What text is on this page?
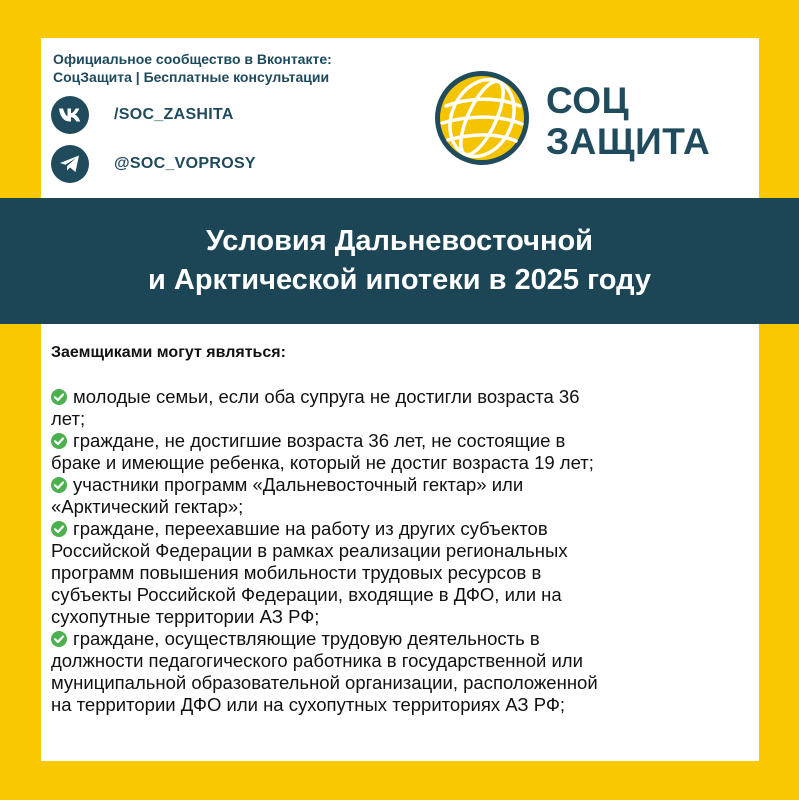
Официальное сообщество в Вконтакте:
СоцЗащита | Бесплатные консультации
/SOC_ZASHITA
@SOC_VOPROSY
СОЦ
ЗАЩИТА
Условия Дальневосточной
и Арктической ипотеки в 2025 году
Заемщиками могут являться:
молодые семьи, если оба супруга не достигли возраста 36
лет;
граждане, не достигшие возраста 36 лет, не состоящие в
браке и имеющие ребенка, который не достиг возраста 19 лет;
участники программ «Дальневосточный гектар» или
«Арктический гектар»;
граждане, переехавшие на работу из других субъектов
Российской Федерации в рамках реализации региональных
программ повышения мобильности трудовых ресурсов в
субъекты Российской Федерации, входящие в ДФО, или на
сухопутные территории АЗ РФ;
граждане, осуществляющие трудовую деятельность в
должности педагогического работника в государственной или
муниципальной образовательной организации, расположенной
на территории ДФО или на сухопутных территориях АЗ РФ;
